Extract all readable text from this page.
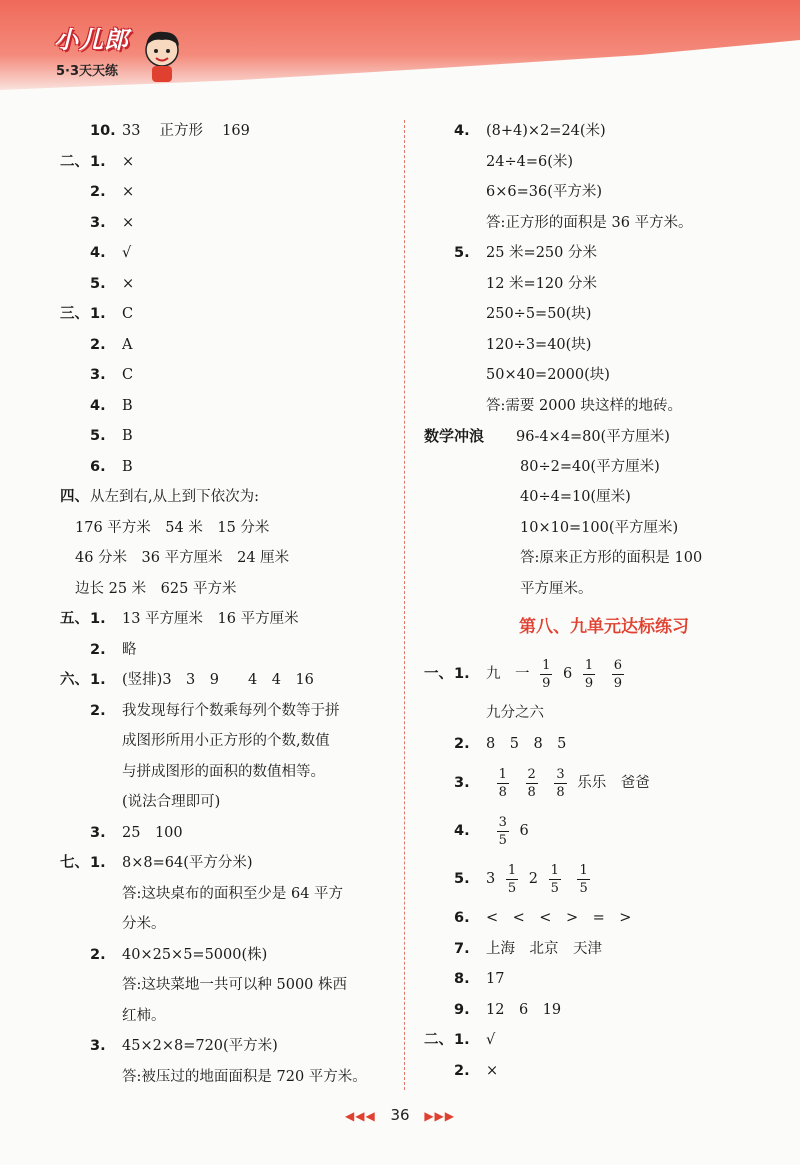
小儿郎
5·3天天练
10. 33　 正方形　 169
二、1. ×
2. ×
3. ×
4. √
5. ×
三、1. C
2. A
3. C
4. B
5. B
6. B
四、从左到右,从上到下依次为:
176 平方米　54 米　15 分米
46 分米　36 平方厘米　24 厘米
边长 25 米　625 平方米
五、1. 13 平方厘米　16 平方厘米
2. 略
六、1. (竖排)3　3　9　　4　4　16
2. 我发现每行个数乘每列个数等于拼
成图形所用小正方形的个数,数值
与拼成图形的面积的数值相等。
(说法合理即可)
3. 25　100
七、1. 8×8=64(平方分米)
答:这块桌布的面积至少是 64 平方
分米。
2. 40×25×5=5000(株)
答:这块菜地一共可以种 5000 株西
红柿。
3. 45×2×8=720(平方米)
答:被压过的地面面积是 720 平方米。
4. (8+4)×2=24(米)
24÷4=6(米)
6×6=36(平方米)
答:正方形的面积是 36 平方米。
5. 25 米=250 分米
12 米=120 分米
250÷5=50(块)
120÷3=40(块)
50×40=2000(块)
答:需要 2000 块这样的地砖。
数学冲浪 96-4×4=80(平方厘米)
80÷2=40(平方厘米)
40÷4=10(厘米)
10×10=100(平方厘米)
答:原来正方形的面积是 100
平方厘米。
第八、九单元达标练习
一、1. 九　一 $\frac{1}{9} 6 \frac{1}{9}$
$\frac{6}{9}$
九分之六
2. 8　5　8　5
3. $\frac{1}{8}$
$\frac{2}{8}$
$\frac{3}{8}$ 乐乐　爸爸
4. $\frac{3}{5} 6$
5. $3 \frac{1}{5} 2 \frac{1}{5}$
$\frac{1}{5}$
6. <　<　<　>　=　>
7. 上海　北京　天津
8. 17
9. 12　6　19
二、1. √
2. ×
◀◀◀ 36 ▶▶▶
